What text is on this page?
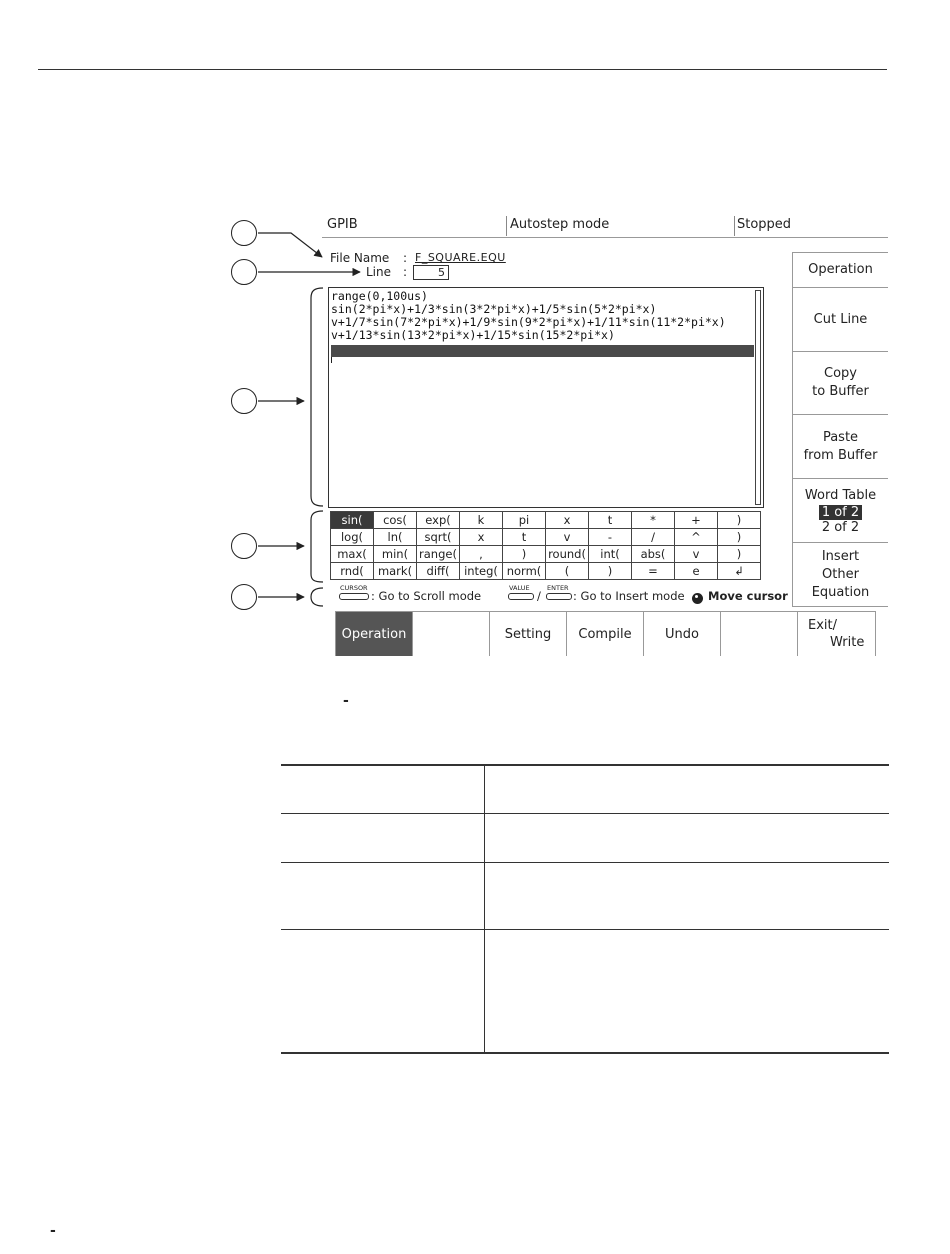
GPIB	Autostep mode	Stopped
File Name : F_SQUARE.EQU
Line :	5
range(0,100us)
sin(2*pi*x)+1/3*sin(3*2*pi*x)+1/5*sin(5*2*pi*x)
v+1/7*sin(7*2*pi*x)+1/9*sin(9*2*pi*x)+1/11*sin(11*2*pi*x)
v+1/13*sin(13*2*pi*x)+1/15*sin(15*2*pi*x)
sin(	cos(	exp(	k	pi	x	t	*	+	)
log(	ln(	sqrt(	x	t	v	-	/	^	)
max(	min(	range(	,	)	round(	int(	abs(	v	)
rnd(	mark(	diff(	integ(	norm(	(	)	=	e	↲
CURSOR
: Go to Scroll mode
VALUE
/
ENTER
: Go to Insert mode Move cursor
Operation
Cut Line
Copy
to Buffer
Paste
from Buffer
Word Table
1 of 2
2 of 2
Insert
Other
Equation
Operation	Setting Compile	Undo
Exit/
Write
-
-
